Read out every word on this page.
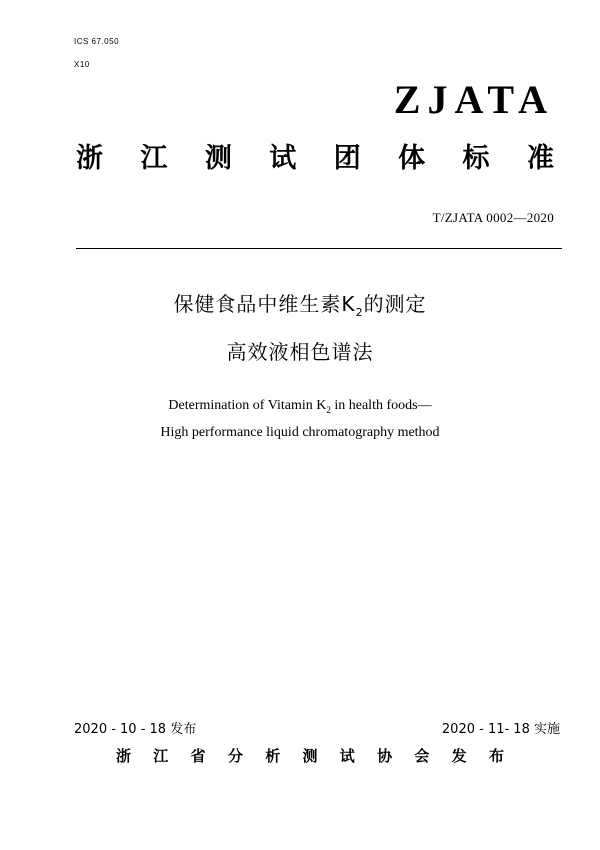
ICS 67.050
X10
ZJATA
浙 江 测 试 团 体 标 准
T/ZJATA 0002—2020
保健食品中维生素$K_2$的测定
高效液相色谱法
Determination of Vitamin $K_2$ in health foods—
High performance liquid chromatography method
2020 - 10 - 18 发布	2020 - 11- 18 实施
浙 江 省 分 析 测 试 协 会 发 布
